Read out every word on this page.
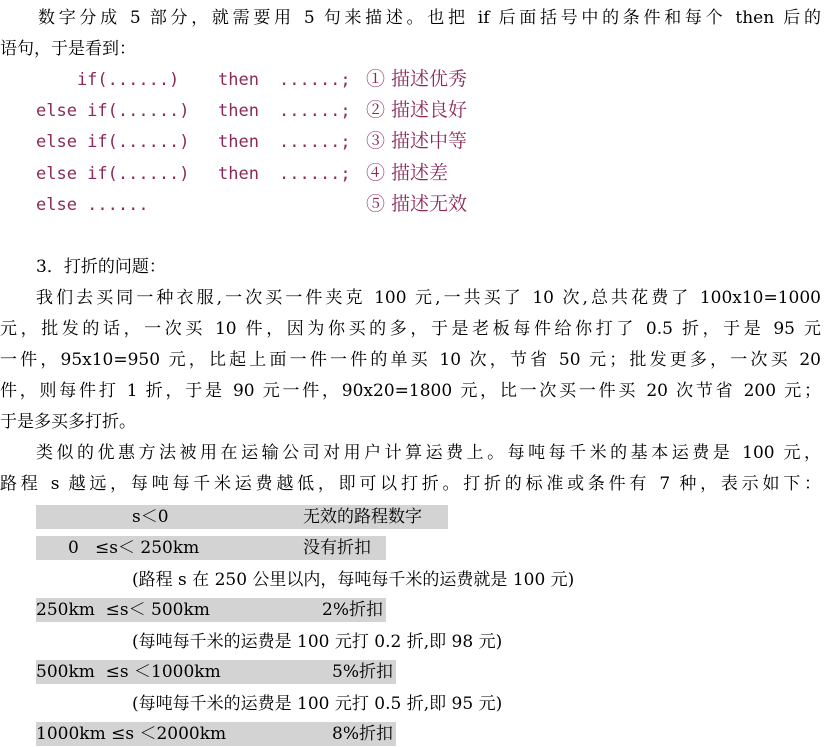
数字分成 5 部分，就需要用 5 句来描述。也把 if 后面括号中的条件和每个 then 后的
语句，于是看到：
if(......) then ......; ① 描述优秀
else if(......) then ......; ② 描述良好
else if(......) then ......; ③ 描述中等
else if(......) then ......; ④ 描述差
else ......	⑤ 描述无效
3．打折的问题：
我们去买同一种衣服,一次买一件夹克 100 元,一共买了 10 次,总共花费了 100x10=1000
元，批发的话，一次买 10 件，因为你买的多，于是老板每件给你打了 0.5 折，于是 95 元
一件，95x10=950 元，比起上面一件一件的单买 10 次，节省 50 元；批发更多，一次买 20
件，则每件打 1 折，于是 90 元一件，90x20=1800 元，比一次买一件买 20 次节省 200 元；
于是多买多打折。
类似的优惠方法被用在运输公司对用户计算运费上。每吨每千米的基本运费是 100 元，
路程 s 越远，每吨每千米运费越低，即可以打折。打折的标准或条件有 7 种，表示如下：
s＜0	无效的路程数字
0   ≤s＜ 250km	没有折扣
(路程 s 在 250 公里以内，每吨每千米的运费就是 100 元)
250km  ≤s＜ 500km	2%折扣
(每吨每千米的运费是 100 元打 0.2 折,即 98 元)
500km  ≤s ＜1000km	5%折扣
(每吨每千米的运费是 100 元打 0.5 折,即 95 元)
1000km ≤s ＜2000km	8%折扣
